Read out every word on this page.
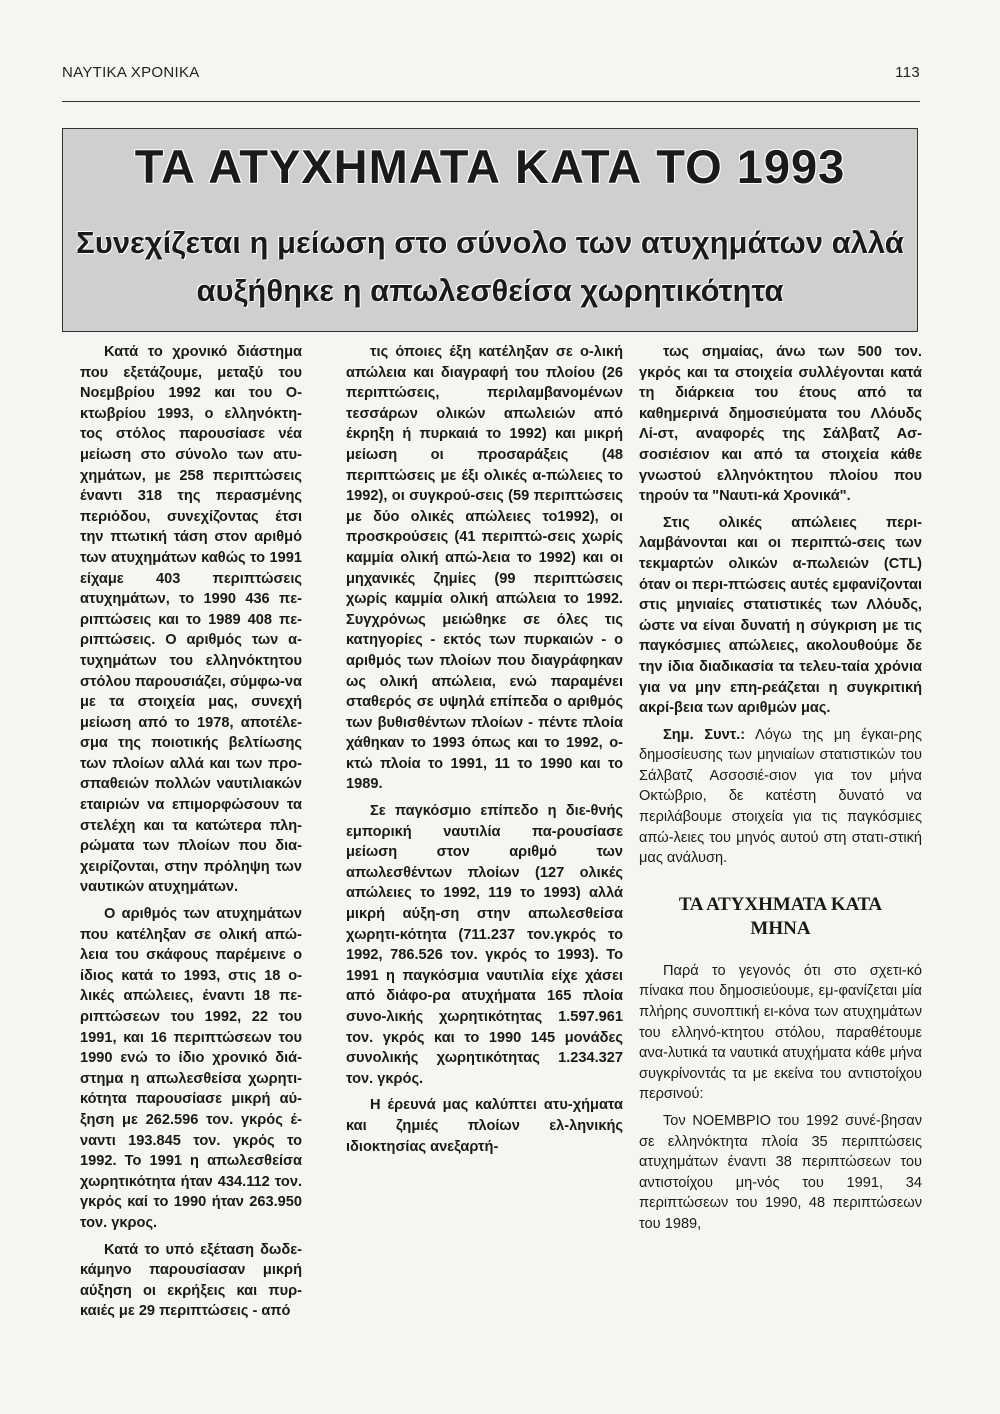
ΝΑΥΤΙΚΑ ΧΡΟΝΙΚΑ	113
ΤΑ ΑΤΥΧΗΜΑΤΑ ΚΑΤΑ ΤΟ 1993
Συνεχίζεται η μείωση στο σύνολο των ατυχημάτων αλλά
αυξήθηκε η απωλεσθείσα χωρητικότητα

Κατά το χρονικό διάστημα που εξετάζουμε, μεταξύ του Νοεμβρίου 1992 και του Ο-κτωβρίου 1993, ο ελληνόκτη-τος στόλος παρουσίασε νέα μείωση στο σύνολο των ατυ-χημάτων, με 258 περιπτώσεις έναντι 318 της περασμένης περιόδου, συνεχίζοντας έτσι την πτωτική τάση στον αριθμό των ατυχημάτων καθώς το 1991 είχαμε 403 περιπτώσεις ατυχημάτων, το 1990 436 πε-ριπτώσεις και το 1989 408 πε-ριπτώσεις. Ο αριθμός των α-τυχημάτων του ελληνόκτητου στόλου παρουσιάζει, σύμφω-να με τα στοιχεία μας, συνεχή μείωση από το 1978, αποτέλε-σμα της ποιοτικής βελτίωσης των πλοίων αλλά και των προ-σπαθειών πολλών ναυτιλιακών εταιριών να επιμορφώσουν τα στελέχη και τα κατώτερα πλη-ρώματα των πλοίων που δια-χειρίζονται, στην πρόληψη των ναυτικών ατυχημάτων.

Ο αριθμός των ατυχημάτων που κατέληξαν σε ολική απώ-λεια του σκάφους παρέμεινε ο ίδιος κατά το 1993, στις 18 ο-λικές απώλειες, έναντι 18 πε-ριπτώσεων του 1992, 22 του 1991, και 16 περιπτώσεων του 1990 ενώ το ίδιο χρονικό διά-στημα η απωλεσθείσα χωρητι-κότητα παρουσίασε μικρή αύ-ξηση με 262.596 τον. γκρός έ-ναντι 193.845 τον. γκρός το 1992. Το 1991 η απωλεσθείσα χωρητικότητα ήταν 434.112 τον. γκρός καί το 1990 ήταν 263.950 τον. γκρος.

Κατά το υπό εξέταση δωδε-κάμηνο παρουσίασαν μικρή αύξηση οι εκρήξεις και πυρ-καιές με 29 περιπτώσεις - από

τις όποιες έξη κατέληξαν σε ο-λική απώλεια και διαγραφή του πλοίου (26 περιπτώσεις, περιλαμβανομένων τεσσάρων ολικών απωλειών από έκρηξη ή πυρκαιά το 1992) και μικρή μείωση οι προσαράξεις (48 περιπτώσεις με έξι ολικές α-πώλειες το 1992), οι συγκρού-σεις (59 περιπτώσεις με δύο ολικές απώλειες το1992), οι προσκρούσεις (41 περιπτώ-σεις χωρίς καμμία ολική απώ-λεια το 1992) και οι μηχανικές ζημίες (99 περιπτώσεις χωρίς καμμία ολική απώλεια το 1992. Συγχρόνως μειώθηκε σε όλες τις κατηγορίες - εκτός των πυρκαιών - ο αριθμός των πλοίων που διαγράφηκαν ως ολική απώλεια, ενώ παραμένει σταθερός σε υψηλά επίπεδα ο αριθμός των βυθισθέντων πλοίων - πέντε πλοία χάθηκαν το 1993 όπως και το 1992, ο-κτώ πλοία το 1991, 11 το 1990 και το 1989.

Σε παγκόσμιο επίπεδο η διε-θνής εμπορική ναυτιλία πα-ρουσίασε μείωση στον αριθμό των απωλεσθέντων πλοίων (127 ολικές απώλειες το 1992, 119 το 1993) αλλά μικρή αύξη-ση στην απωλεσθείσα χωρητι-κότητα (711.237 τον.γκρός το 1992, 786.526 τον. γκρός το 1993). Το 1991 η παγκόσμια ναυτιλία είχε χάσει από διάφο-ρα ατυχήματα 165 πλοία συνο-λικής χωρητικότητας 1.597.961 τον. γκρός και το 1990 145 μονάδες συνολικής χωρητικότητας 1.234.327 τον. γκρός.

Η έρευνά μας καλύπτει ατυ-χήματα και ζημιές πλοίων ελ-ληνικής ιδιοκτησίας ανεξαρτή-

τως σημαίας, άνω των 500 τον. γκρός και τα στοιχεία συλλέγονται κατά τη διάρκεια του έτους από τα καθημερινά δημοσιεύματα του Λλόυδς Λί-στ, αναφορές της Σάλβατζ Ασ-σοσιέσιον και από τα στοιχεία κάθε γνωστού ελληνόκτητου πλοίου που τηρούν τα "Ναυτι-κά Χρονικά".

Στις ολικές απώλειες περι-λαμβάνονται και οι περιπτώ-σεις των τεκμαρτών ολικών α-πωλειών (CTL) όταν οι περι-πτώσεις αυτές εμφανίζονται στις μηνιαίες στατιστικές των Λλόυδς, ώστε να είναι δυνατή η σύγκριση με τις παγκόσμιες απώλειες, ακολουθούμε δε την ίδια διαδικασία τα τελευ-ταία χρόνια για να μην επη-ρεάζεται η συγκριτική ακρί-βεια των αριθμών μας.

Σημ. Συντ.: Λόγω της μη έγκαι-ρης δημοσίευσης των μηνιαίων στατιστικών του Σάλβατζ Ασσοσιέ-σιον για τον μήνα Οκτώβριο, δε κατέστη δυνατό να περιλάβουμε στοιχεία για τις παγκόσμιες απώ-λειες του μηνός αυτού στη στατι-στική μας ανάλυση.

ΤΑ ΑΤΥΧΗΜΑΤΑ ΚΑΤΑ
ΜΗΝΑ

Παρά το γεγονός ότι στο σχετι-κό πίνακα που δημοσιεύουμε, εμ-φανίζεται μία πλήρης συνοπτική ει-κόνα των ατυχημάτων του ελληνό-κτητου στόλου, παραθέτουμε ανα-λυτικά τα ναυτικά ατυχήματα κάθε μήνα συγκρίνοντάς τα με εκείνα του αντιστοίχου περσινού:

Τον ΝΟΕΜΒΡΙΟ του 1992 συνέ-βησαν σε ελληνόκτητα πλοία 35 περιπτώσεις ατυχημάτων έναντι 38 περιπτώσεων του αντιστοίχου μη-νός του 1991, 34 περιπτώσεων του 1990, 48 περιπτώσεων του 1989,
